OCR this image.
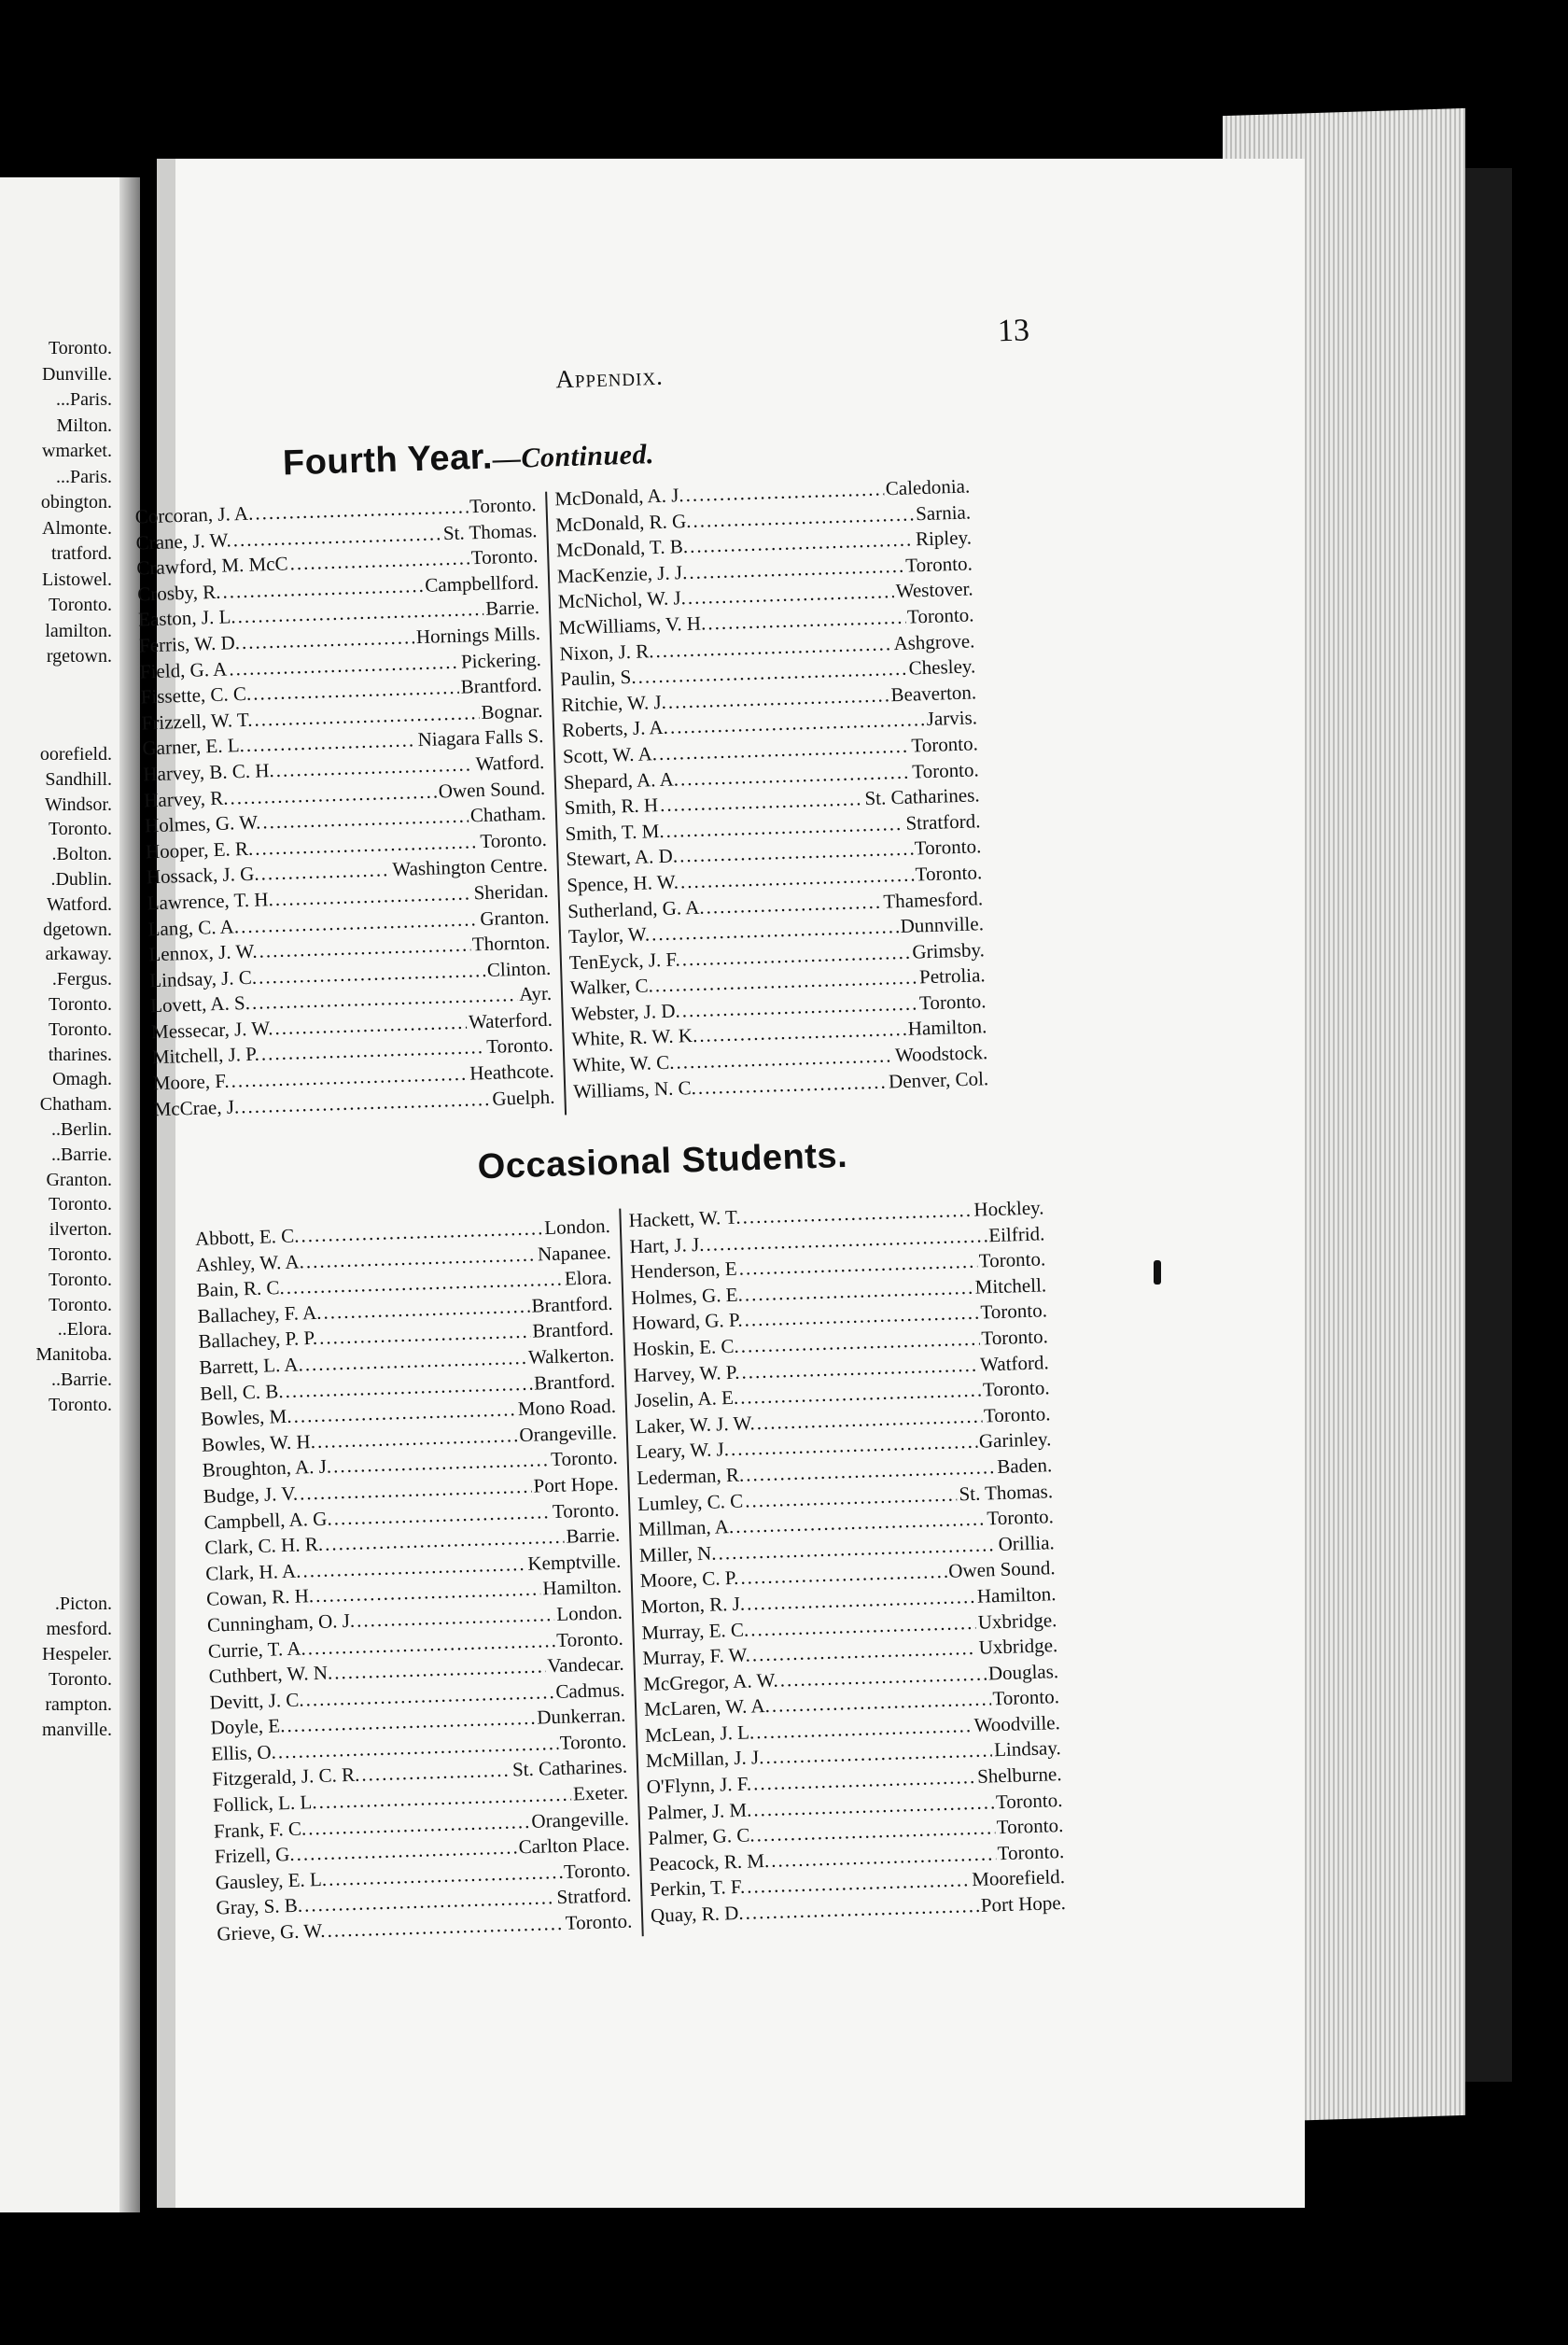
Toronto.
Dunville.
...Paris.
Milton.
wmarket.
...Paris.
obington.
Almonte.
tratford.
Listowel.
Toronto.
lamilton.
rgetown.
oorefield.
Sandhill.
Windsor.
Toronto.
.Bolton.
.Dublin.
Watford.
dgetown.
arkaway.
.Fergus.
Toronto.
Toronto.
tharines.
Omagh.
Chatham.
..Berlin.
..Barrie.
Granton.
Toronto.
ilverton.
Toronto.
Toronto.
Toronto.
..Elora.
Manitoba.
..Barrie.
Toronto.
.Picton.
mesford.
Hespeler.
Toronto.
rampton.
manville.
Appendix.
13
Fourth Year.—Continued.
Corcoran, J. A. .....	Toronto.
Crane, J. W. .....	St. Thomas.
Crawford, M. McC .....	Toronto.
Crosby, R. .....	Campbellford.
Easton, J. L. .....	Barrie.
Ferris, W. D. .....	Hornings Mills.
Field, G. A .....	Pickering.
Fissette, C. C. .....	Brantford.
Frizzell, W. T. .....	Bognar.
Garner, E. L. .....	Niagara Falls S.
Harvey, B. C. H. .....	Watford.
Harvey, R. .....	Owen Sound.
Holmes, G. W. .....	Chatham.
Hooper, E. R. .....	Toronto.
Hossack, J. G. .....	Washington Centre.
Lawrence, T. H. .....	Sheridan.
Lang, C. A. .....	Granton.
Lennox, J. W. .....	Thornton.
Lindsay, J. C. .....	Clinton.
Lovett, A. S. .....	Ayr.
Messecar, J. W. .....	Waterford.
Mitchell, J. P. .....	Toronto.
Moore, F. .....	Heathcote.
McCrae, J. .....	Guelph.
McDonald, A. J. .....	Caledonia.
McDonald, R. G. .....	Sarnia.
McDonald, T. B. .....	Ripley.
MacKenzie, J. J. .....	Toronto.
McNichol, W. J. .....	Westover.
McWilliams, V. H. .....	Toronto.
Nixon, J. R. .....	Ashgrove.
Paulin, S. .....	Chesley.
Ritchie, W. J. .....	Beaverton.
Roberts, J. A. .....	Jarvis.
Scott, W. A. .....	Toronto.
Shepard, A. A. .....	Toronto.
Smith, R. H .....	St. Catharines.
Smith, T. M. .....	Stratford.
Stewart, A. D. .....	Toronto.
Spence, H. W. .....	Toronto.
Sutherland, G. A. .....	Thamesford.
Taylor, W. .....	Dunnville.
TenEyck, J. F. .....	Grimsby.
Walker, C. .....	Petrolia.
Webster, J. D. .....	Toronto.
White, R. W. K. .....	Hamilton.
White, W. C. .....	Woodstock.
Williams, N. C. .....	Denver, Col.
Occasional Students.
Abbott, E. C. .....	London.
Ashley, W. A. .....	Napanee.
Bain, R. C. .....	Elora.
Ballachey, F. A. .....	Brantford.
Ballachey, P. P. .....	Brantford.
Barrett, L. A. .....	Walkerton.
Bell, C. B. .....	Brantford.
Bowles, M. .....	Mono Road.
Bowles, W. H. .....	Orangeville.
Broughton, A. J. .....	Toronto.
Budge, J. V. .....	Port Hope.
Campbell, A. G. .....	Toronto.
Clark, C. H. R. .....	Barrie.
Clark, H. A. .....	Kemptville.
Cowan, R. H. .....	Hamilton.
Cunningham, O. J. .....	London.
Currie, T. A. .....	Toronto.
Cuthbert, W. N. .....	Vandecar.
Devitt, J. C. .....	Cadmus.
Doyle, E. .....	Dunkerran.
Ellis, O. .....	Toronto.
Fitzgerald, J. C. R. .....	St. Catharines.
Follick, L. L. .....	Exeter.
Frank, F. C. .....	Orangeville.
Frizell, G. .....	Carlton Place.
Gausley, E. L. .....	Toronto.
Gray, S. B. .....	Stratford.
Grieve, G. W. .....	Toronto.
Hackett, W. T. .....	Hockley.
Hart, J. J. .....	Eilfrid.
Henderson, E .....	Toronto.
Holmes, G. E. .....	Mitchell.
Howard, G. P. .....	Toronto.
Hoskin, E. C. .....	Toronto.
Harvey, W. P. .....	Watford.
Joselin, A. E. .....	Toronto.
Laker, W. J. W. .....	Toronto.
Leary, W. J. .....	Garinley.
Lederman, R. .....	Baden.
Lumley, C. C .....	St. Thomas.
Millman, A. .....	Toronto.
Miller, N. .....	Orillia.
Moore, C. P. .....	Owen Sound.
Morton, R. J. .....	Hamilton.
Murray, E. C. .....	Uxbridge.
Murray, F. W. .....	Uxbridge.
McGregor, A. W. .....	Douglas.
McLaren, W. A. .....	Toronto.
McLean, J. L. .....	Woodville.
McMillan, J. J. .....	Lindsay.
O'Flynn, J. F. .....	Shelburne.
Palmer, J. M. .....	Toronto.
Palmer, G. C. .....	Toronto.
Peacock, R. M. .....	Toronto.
Perkin, T. F. .....	Moorefield.
Quay, R. D. .....	Port Hope.
